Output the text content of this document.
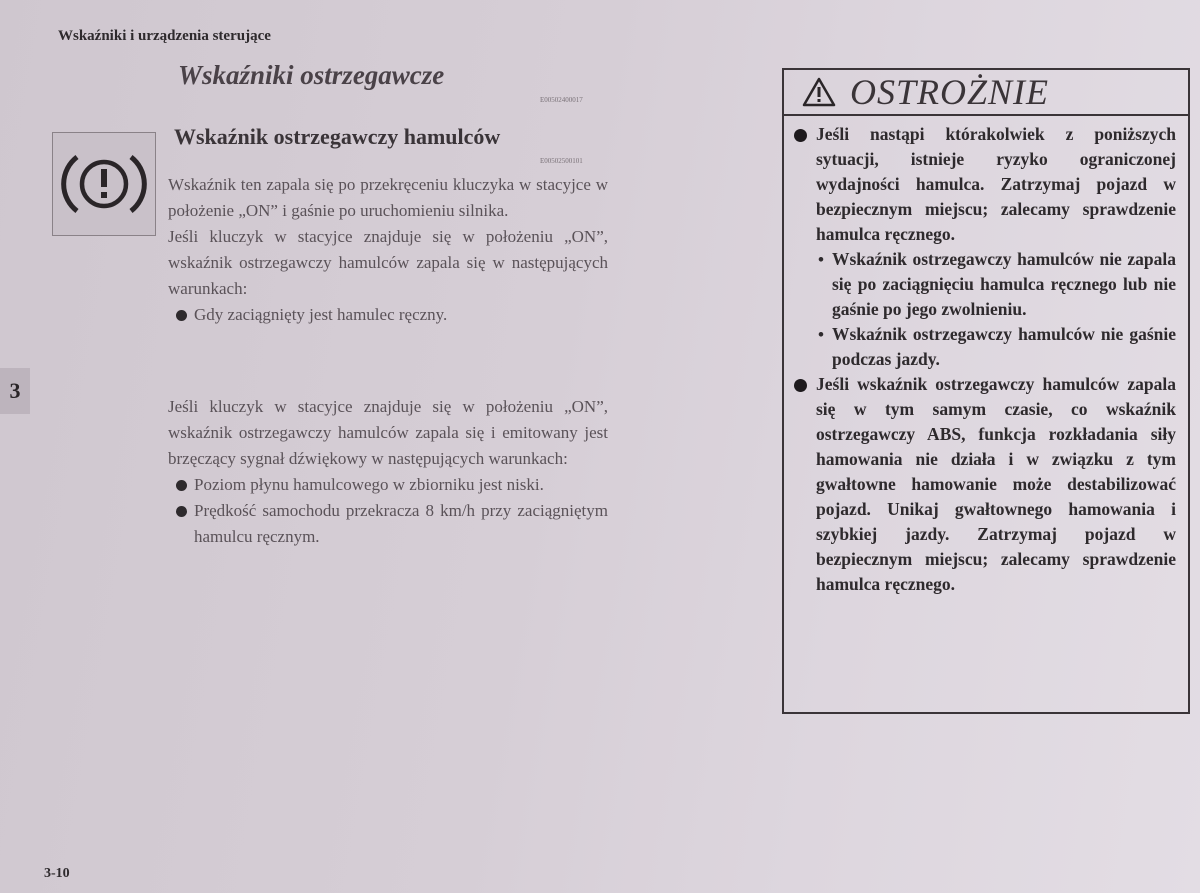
Wskaźniki i urządzenia sterujące
3
Wskaźniki ostrzegawcze
E00502400017
Wskaźnik ostrzegawczy hamulców
E00502500101

Wskaźnik ten zapala się po przekręceniu kluczyka w stacyjce w położenie „ON” i gaśnie po uruchomieniu silnika.

Jeśli kluczyk w stacyjce znajduje się w położeniu „ON”, wskaźnik ostrzegawczy hamulców zapala się w następujących warunkach:

Gdy zaciągnięty jest hamulec ręczny.

Jeśli kluczyk w stacyjce znajduje się w położeniu „ON”, wskaźnik ostrzegawczy hamulców zapala się i emitowany jest brzęczący sygnał dźwiękowy w następujących warunkach:

Poziom płynu hamulcowego w zbiorniku jest niski.
Prędkość samochodu przekracza 8 km/h przy zaciągniętym hamulcu ręcznym.
OSTROŻNIE

Jeśli nastąpi którakolwiek z poniższych sytuacji, istnieje ryzyko ograniczonej wydajności hamulca. Zatrzymaj pojazd w bezpiecznym miejscu; zalecamy sprawdzenie hamulca ręcznego.

• Wskaźnik ostrzegawczy hamulców nie zapala się po zaciągnięciu hamulca ręcznego lub nie gaśnie po jego zwolnieniu.

• Wskaźnik ostrzegawczy hamulców nie gaśnie podczas jazdy.

Jeśli wskaźnik ostrzegawczy hamulców zapala się w tym samym czasie, co wskaźnik ostrzegawczy ABS, funkcja rozkładania siły hamowania nie działa i w związku z tym gwałtowne hamowanie może destabilizować pojazd. Unikaj gwałtownego hamowania i szybkiej jazdy. Zatrzymaj pojazd w bezpiecznym miejscu; zalecamy sprawdzenie hamulca ręcznego.

3-10
